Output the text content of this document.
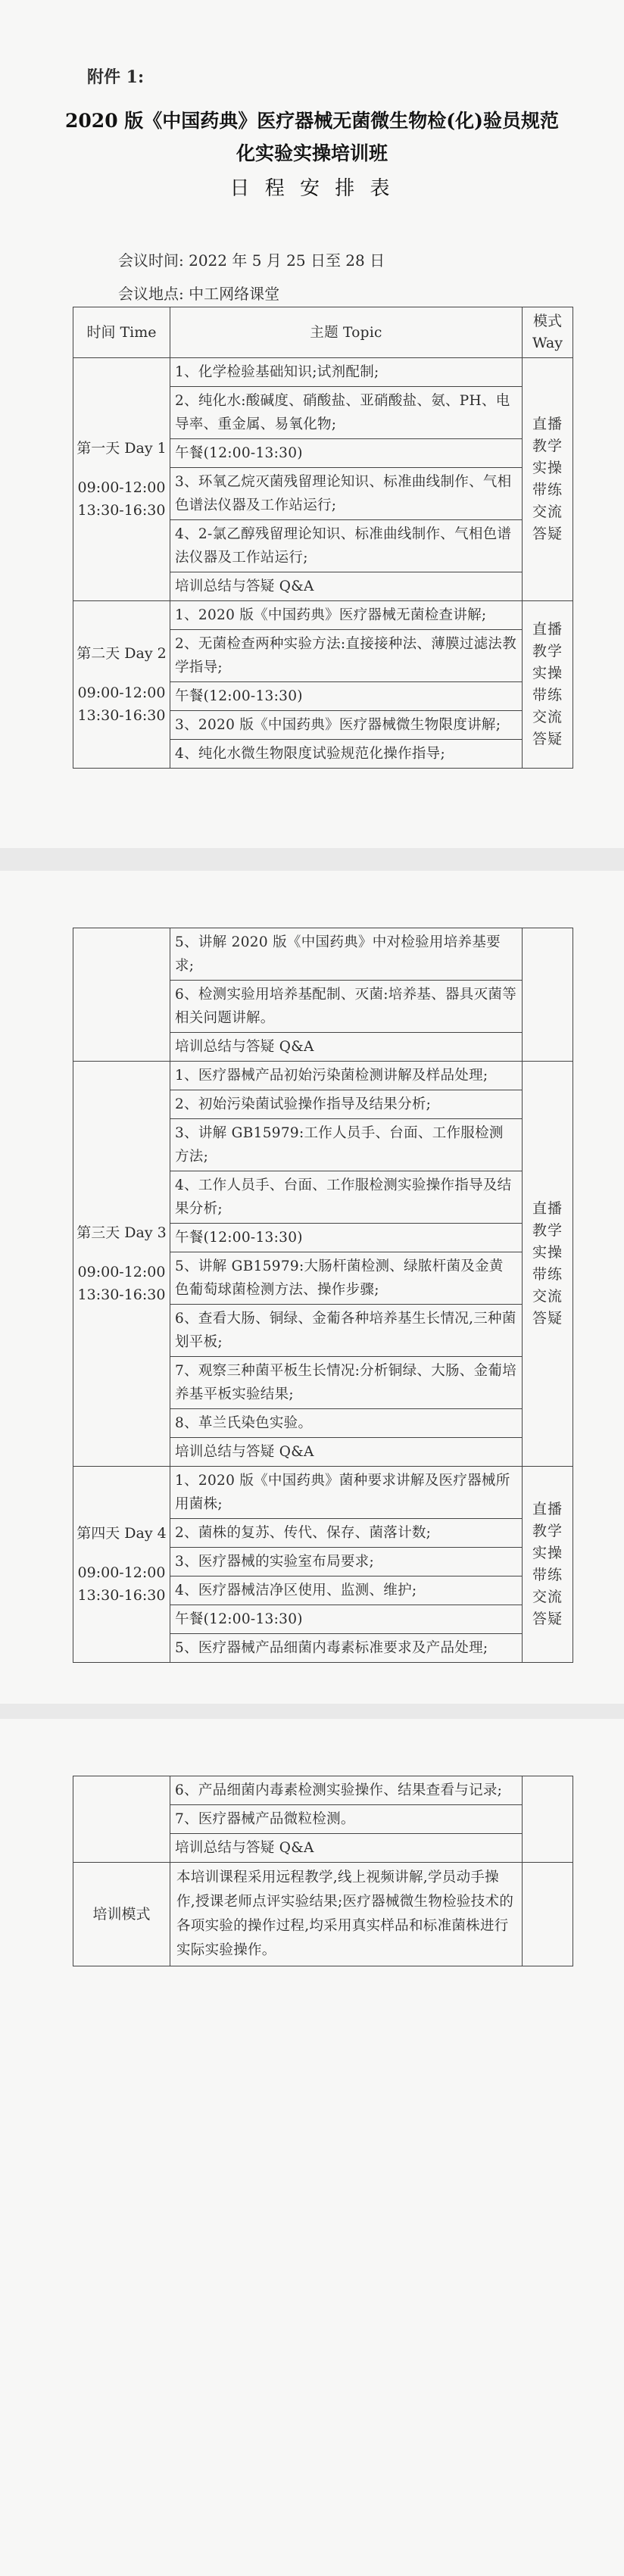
附件 1:
2020 版《中国药典》医疗器械无菌微生物检(化)验员规范
化实验实操培训班
日 程 安 排 表
会议时间: 2022 年 5 月 25 日至 28 日
会议地点: 中工网络课堂
时间 Time	主题 Topic	模式 Way

第一天 Day 1
09:00-12:00 13:30-16:30	1、化学检验基础知识;试剂配制;	直播 教学 实操 带练 交流 答疑
	2、纯化水:酸碱度、硝酸盐、亚硝酸盐、氨、PH、电导率、重金属、易氧化物;	
	午餐(12:00-13:30)	
	3、环氧乙烷灭菌残留理论知识、标准曲线制作、气相色谱法仪器及工作站运行;	
	4、2-氯乙醇残留理论知识、标准曲线制作、气相色谱法仪器及工作站运行;	
	培训总结与答疑 Q&A	

第二天 Day 2
09:00-12:00 13:30-16:30	1、2020 版《中国药典》医疗器械无菌检查讲解;	直播 教学 实操 带练 交流 答疑
	2、无菌检查两种实验方法:直接接种法、薄膜过滤法教学指导;	
	午餐(12:00-13:30)	
	3、2020 版《中国药典》医疗器械微生物限度讲解;	
	4、纯化水微生物限度试验规范化操作指导;	
	5、讲解 2020 版《中国药典》中对检验用培养基要求;	
	6、检测实验用培养基配制、灭菌:培养基、器具灭菌等相关问题讲解。	
	培训总结与答疑 Q&A	

第三天 Day 3
09:00-12:00 13:30-16:30	1、医疗器械产品初始污染菌检测讲解及样品处理;	直播 教学 实操 带练 交流 答疑
	2、初始污染菌试验操作指导及结果分析;	
	3、讲解 GB15979:工作人员手、台面、工作服检测方法;	
	4、工作人员手、台面、工作服检测实验操作指导及结果分析;	
	午餐(12:00-13:30)	
	5、讲解 GB15979:大肠杆菌检测、绿脓杆菌及金黄色葡萄球菌检测方法、操作步骤;	
	6、查看大肠、铜绿、金葡各种培养基生长情况,三种菌划平板;	
	7、观察三种菌平板生长情况:分析铜绿、大肠、金葡培养基平板实验结果;	
	8、革兰氏染色实验。	
	培训总结与答疑 Q&A	

第四天 Day 4
09:00-12:00 13:30-16:30	1、2020 版《中国药典》菌种要求讲解及医疗器械所用菌株;	直播 教学 实操 带练 交流 答疑
	2、菌株的复苏、传代、保存、菌落计数;	
	3、医疗器械的实验室布局要求;	
	4、医疗器械洁净区使用、监测、维护;	
	午餐(12:00-13:30)	
	5、医疗器械产品细菌内毒素标准要求及产品处理;	
	6、产品细菌内毒素检测实验操作、结果查看与记录;	
	7、医疗器械产品微粒检测。	
	培训总结与答疑 Q&A	
培训模式	本培训课程采用远程教学,线上视频讲解,学员动手操作,授课老师点评实验结果;医疗器械微生物检验技术的各项实验的操作过程,均采用真实样品和标准菌株进行实际实验操作。	
